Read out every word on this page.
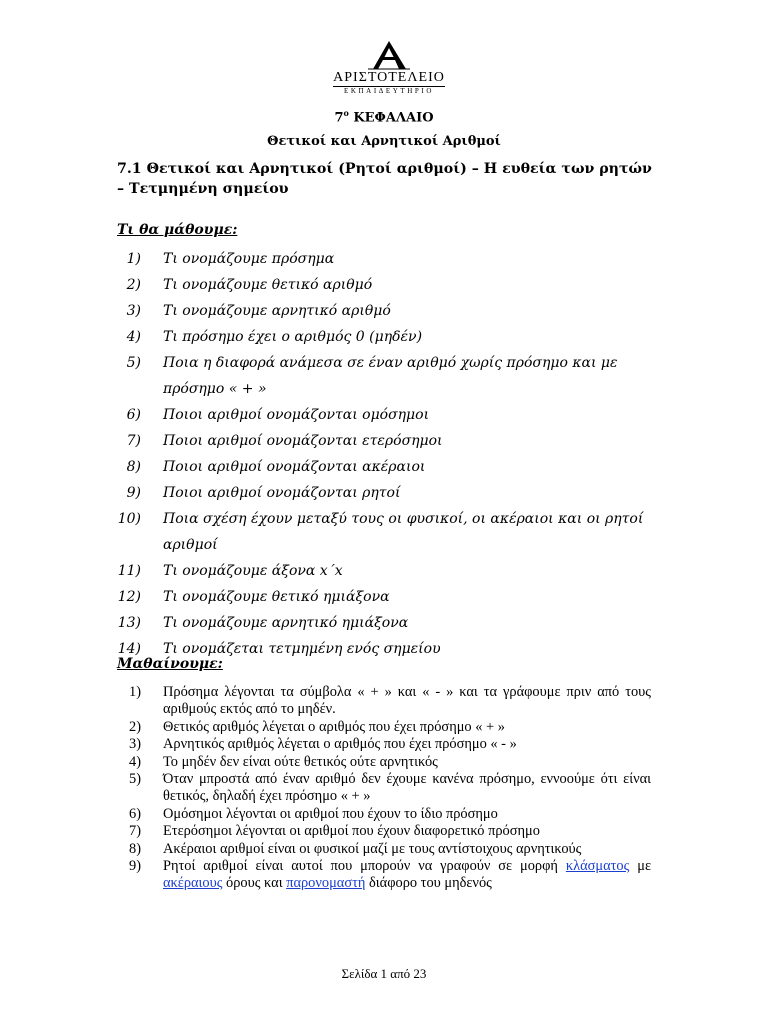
ΑΡΙΣΤΟΤΕΛΕΙΟ
ΕΚΠΑΙΔΕΥΤΗΡΙΟ
$7^o$ ΚΕΦΑΛΑΙΟ
Θετικοί και Αρνητικοί Αριθμοί
7.1 Θετικοί και Αρνητικοί (Ρητοί αριθμοί) – Η ευθεία των ρητών – Τετμημένη σημείου
Τι θα μάθουμε:
1) Τι ονομάζουμε πρόσημα
2) Τι ονομάζουμε θετικό αριθμό
3) Τι ονομάζουμε αρνητικό αριθμό
4) Τι πρόσημο έχει ο αριθμός 0 (μηδέν)
5) Ποια η διαφορά ανάμεσα σε έναν αριθμό χωρίς πρόσημο και με πρόσημο « + »
6) Ποιοι αριθμοί ονομάζονται ομόσημοι
7) Ποιοι αριθμοί ονομάζονται ετερόσημοι
8) Ποιοι αριθμοί ονομάζονται ακέραιοι
9) Ποιοι αριθμοί ονομάζονται ρητοί
10) Ποια σχέση έχουν μεταξύ τους οι φυσικοί, οι ακέραιοι και οι ρητοί αριθμοί
11) Τι ονομάζουμε άξονα x΄x
12) Τι ονομάζουμε θετικό ημιάξονα
13) Τι ονομάζουμε αρνητικό ημιάξονα
14) Τι ονομάζεται τετμημένη ενός σημείου
Μαθαίνουμε:
1) Πρόσημα λέγονται τα σύμβολα « + » και « - » και τα γράφουμε πριν από τους αριθμούς εκτός από το μηδέν.
2) Θετικός αριθμός λέγεται ο αριθμός που έχει πρόσημο « + »
3) Αρνητικός αριθμός λέγεται ο αριθμός που έχει πρόσημο « - »
4) Το μηδέν δεν είναι ούτε θετικός ούτε αρνητικός
5) Όταν μπροστά από έναν αριθμό δεν έχουμε κανένα πρόσημο, εννοούμε ότι είναι θετικός, δηλαδή έχει πρόσημο « + »
6) Ομόσημοι λέγονται οι αριθμοί που έχουν το ίδιο πρόσημο
7) Ετερόσημοι λέγονται οι αριθμοί που έχουν διαφορετικό πρόσημο
8) Ακέραιοι αριθμοί είναι οι φυσικοί μαζί με τους αντίστοιχους αρνητικούς
9) Ρητοί αριθμοί είναι αυτοί που μπορούν να γραφούν σε μορφή κλάσματος με ακέραιους όρους και παρονομαστή διάφορο του μηδενός
Σελίδα 1 από 23
